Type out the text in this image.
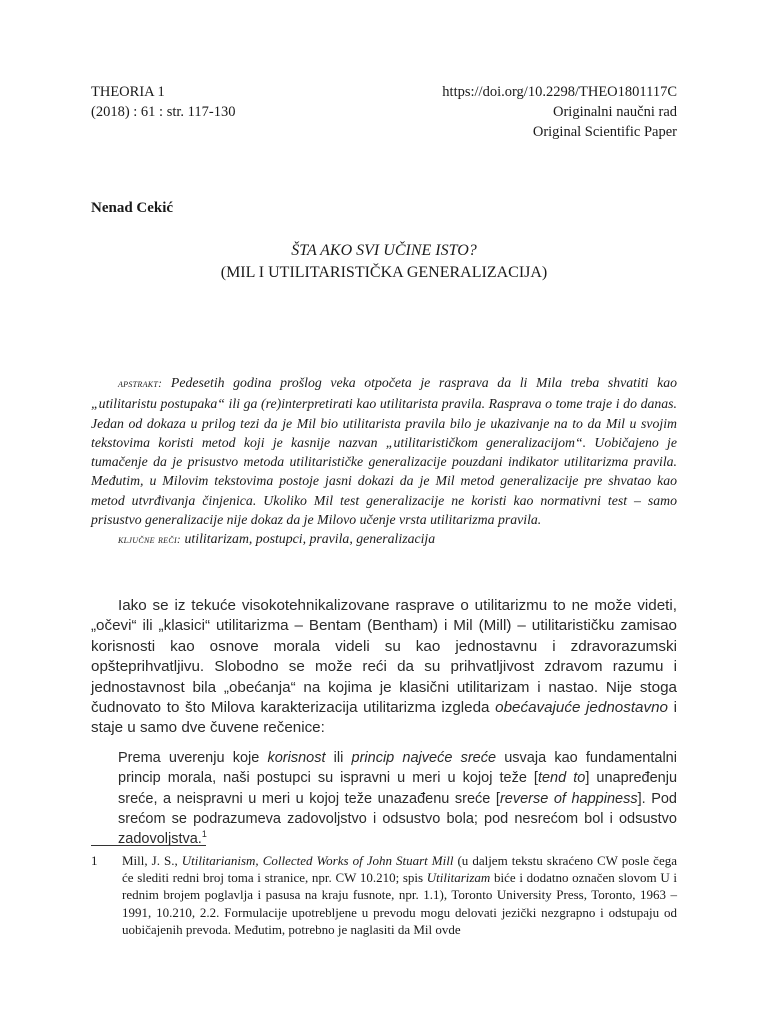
THEORIA 1
(2018) : 61 : str. 117-130
https://doi.org/10.2298/THEO1801117C
Originalni naučni rad
Original Scientific Paper
Nenad Cekić
ŠTA AKO SVI UČINE ISTO?
(MIL I UTILITARISTIČKA GENERALIZACIJA)

apstrakt: Pedesetih godina prošlog veka otpočeta je rasprava da li Mila treba shvatiti kao „utilitaristu postupaka“ ili ga (re)interpretirati kao utilitarista pravila. Rasprava o tome traje i do danas. Jedan od dokaza u prilog tezi da je Mil bio utilitarista pravila bilo je ukazivanje na to da Mil u svojim tekstovima koristi metod koji je kasnije nazvan „utilitarističkom generalizacijom“. Uobičajeno je tumačenje da je prisustvo metoda utilitarističke generalizacije pouzdani indikator utilitarizma pravila. Međutim, u Milovim tekstovima postoje jasni dokazi da je Mil metod generalizacije pre shvatao kao metod utvrđivanja činjenica. Ukoliko Mil test generalizacije ne koristi kao normativni test – samo prisustvo generalizacije nije dokaz da je Milovo učenje vrsta utilitarizma pravila.

ključne reči: utilitarizam, postupci, pravila, generalizacija

Iako se iz tekuće visokotehnikalizovane rasprave o utilitarizmu to ne može videti, „očevi“ ili „klasici“ utilitarizma – Bentam (Bentham) i Mil (Mill) – utilitarističku zamisao korisnosti kao osnove morala videli su kao jednostavnu i zdravorazumski opšteprihvatljivu. Slobodno se može reći da su prihvatljivost zdravom razumu i jednostavnost bila „obećanja“ na kojima je klasični utilitarizam i nastao. Nije stoga čudnovato to što Milova karakterizacija utilitarizma izgleda obećavajuće jednostavno i staje u samo dve čuvene rečenice:

Prema uverenju koje korisnost ili princip najveće sreće usvaja kao fundamentalni princip morala, naši postupci su ispravni u meri u kojoj teže [tend to] unapređenju sreće, a neispravni u meri u kojoj teže unazađenu sreće [reverse of happiness]. Pod srećom se podrazumeva zadovoljstvo i odsustvo bola; pod nesrećom bol i odsustvo zadovoljstva.$^1$

1 Mill, J. S., Utilitarianism, Collected Works of John Stuart Mill (u daljem tekstu skraćeno CW posle čega će slediti redni broj toma i stranice, npr. CW 10.210; spis Utilitarizam biće i dodatno označen slovom U i rednim brojem poglavlja i pasusa na kraju fusnote, npr. 1.1), Toronto University Press, Toronto, 1963 – 1991, 10.210, 2.2. Formulacije upotrebljene u prevodu mogu delovati jezički nezgrapno i odstupaju od uobičajenih prevoda. Međutim, potrebno je naglasiti da Mil ovde
